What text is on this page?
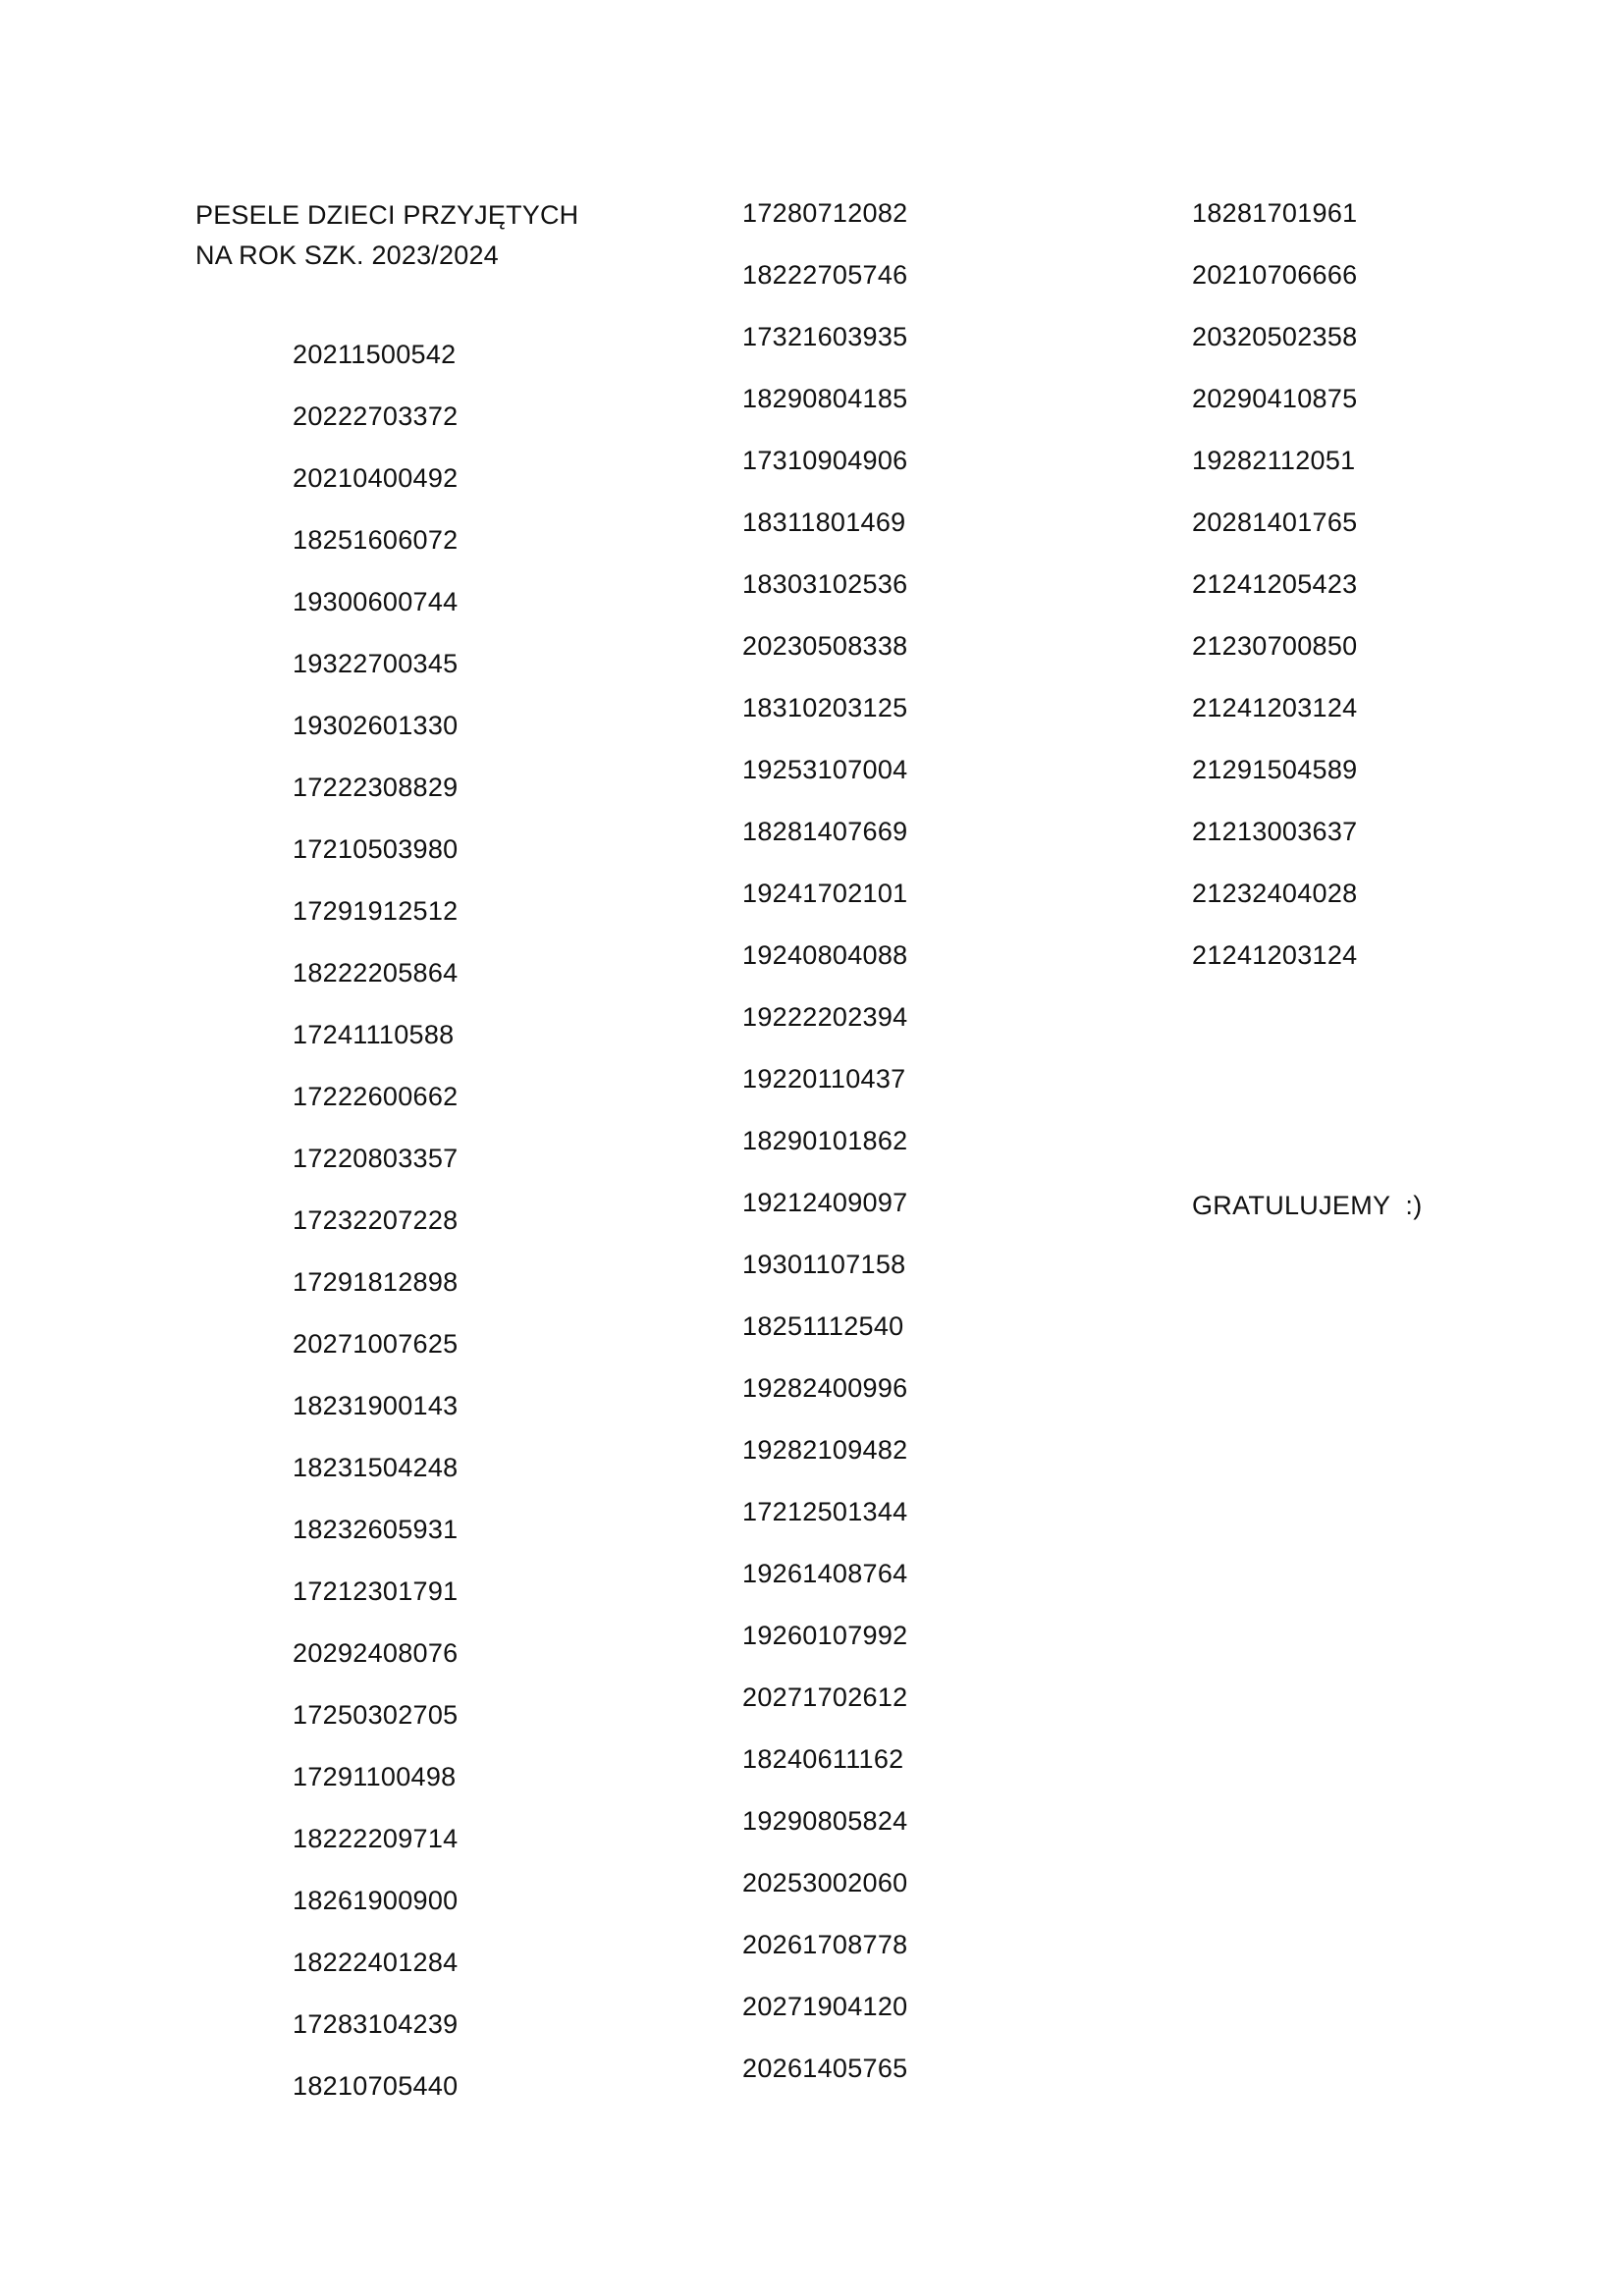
PESELE DZIECI PRZYJĘTYCH
NA ROK SZK. 2023/2024
20211500542
20222703372
20210400492
18251606072
19300600744
19322700345
19302601330
17222308829
17210503980
17291912512
18222205864
17241110588
17222600662
17220803357
17232207228
17291812898
20271007625
18231900143
18231504248
18232605931
17212301791
20292408076
17250302705
17291100498
18222209714
18261900900
18222401284
17283104239
18210705440
17280712082
18222705746
17321603935
18290804185
17310904906
18311801469
18303102536
20230508338
18310203125
19253107004
18281407669
19241702101
19240804088
19222202394
19220110437
18290101862
19212409097
19301107158
18251112540
19282400996
19282109482
17212501344
19261408764
19260107992
20271702612
18240611162
19290805824
20253002060
20261708778
20271904120
20261405765
18281701961
20210706666
20320502358
20290410875
19282112051
20281401765
21241205423
21230700850
21241203124
21291504589
21213003637
21232404028
21241203124
GRATULUJEMY  :)
